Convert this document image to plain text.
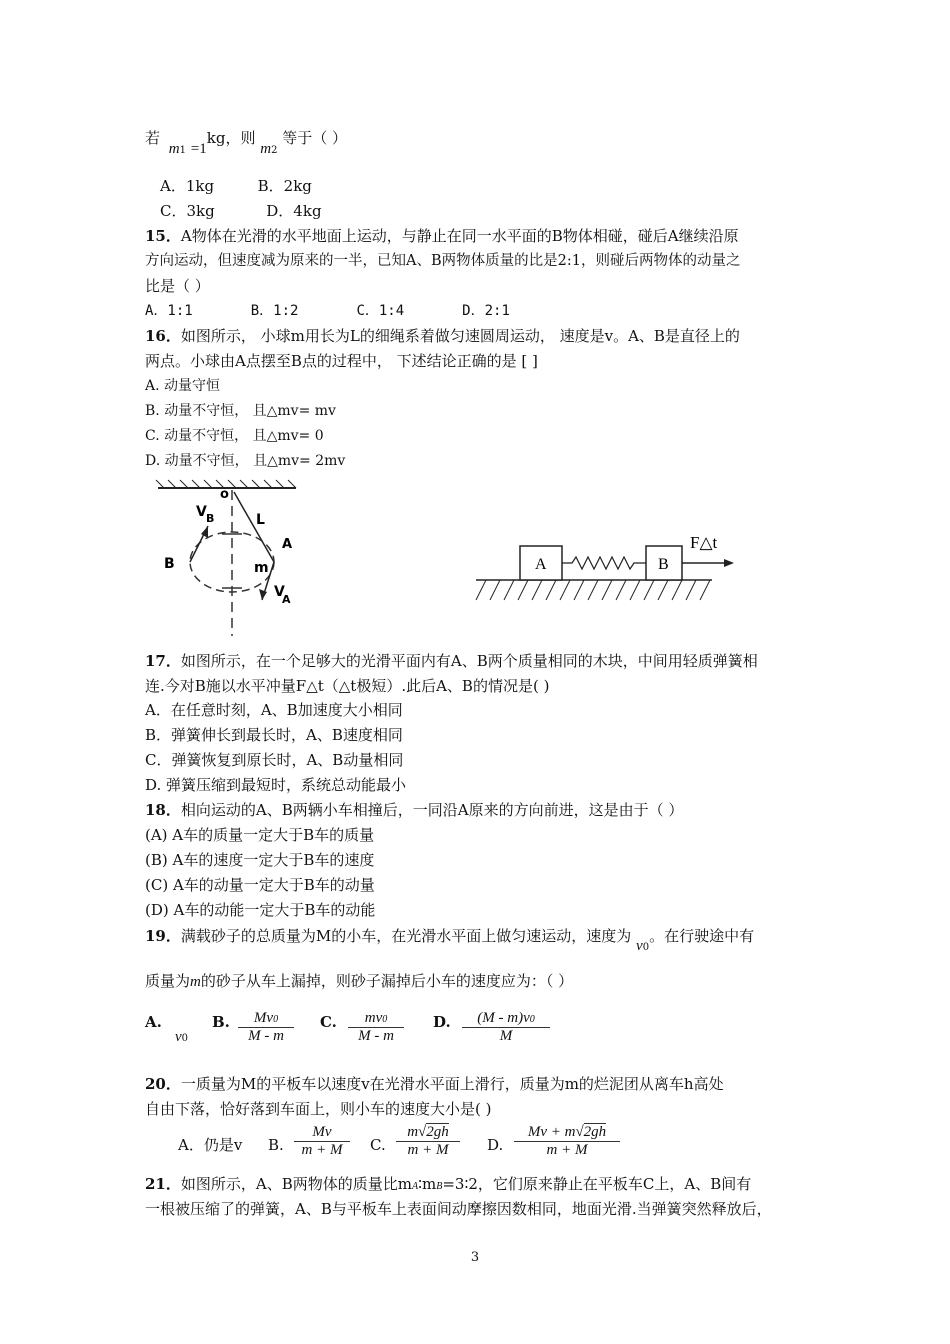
若 m1 =1kg，则 m2 等于（ ）
A．1kg	B．2kg
C．3kg	D．4kg
15．A物体在光滑的水平地面上运动，与静止在同一水平面的B物体相碰，碰后A继续沿原
方向运动，但速度减为原来的一半，已知A、B两物体质量的比是2:1，则碰后两物体的动量之
比是（ ）
A．1:1	B．1:2	C．1:4	D．2:1
16．如图所示， 小球m用长为L的细绳系着做匀速圆周运动， 速度是v。A、B是直径上的
两点。小球由A点摆至B点的过程中， 下述结论正确的是 [ ]
A. 动量守恒
B. 动量不守恒， 且△mv= mv
C. 动量不守恒， 且△mv= 0
D. 动量不守恒， 且△mv= 2mv
o
V B	L
A
B	m
V
A
A	B
F△t
17．如图所示，在一个足够大的光滑平面内有A、B两个质量相同的木块，中间用轻质弹簧相
连.今对B施以水平冲量F△t（△t极短）.此后A、B的情况是( )
A．在任意时刻，A、B加速度大小相同
B．弹簧伸长到最长时，A、B速度相同
C．弹簧恢复到原长时，A、B动量相同
D. 弹簧压缩到最短时，系统总动能最小
18．相向运动的A、B两辆小车相撞后，一同沿A原来的方向前进，这是由于（ ）
(A) A车的质量一定大于B车的质量
(B) A车的速度一定大于B车的速度
(C) A车的动量一定大于B车的动量
(D) A车的动能一定大于B车的动能
19．满载砂子的总质量为M的小车，在光滑水平面上做匀速运动，速度为 v0。在行驶途中有
质量为m的砂子从车上漏掉，则砂子漏掉后小车的速度应为：（ ）
A.
v0
B. $\frac{Mv0}{M - m} C$. $\frac{mv0}{M - m} D$. $\frac{(M - m)v0}{M}$
20．一质量为M的平板车以速度v在光滑水平面上滑行，质量为m的烂泥团从离车h高处
自由下落，恰好落到车面上，则小车的速度大小是( )
A．仍是v B. $\frac{Mv}{m + M} C$. $\frac{m√2gh}{m + M} D$. $\frac{Mv + m√2gh}{m + M}$
21．如图所示，A、B两物体的质量比mA∶mB=3∶2，它们原来静止在平板车C上，A、B间有
一根被压缩了的弹簧，A、B与平板车上表面间动摩擦因数相同，地面光滑.当弹簧突然释放后，
3
